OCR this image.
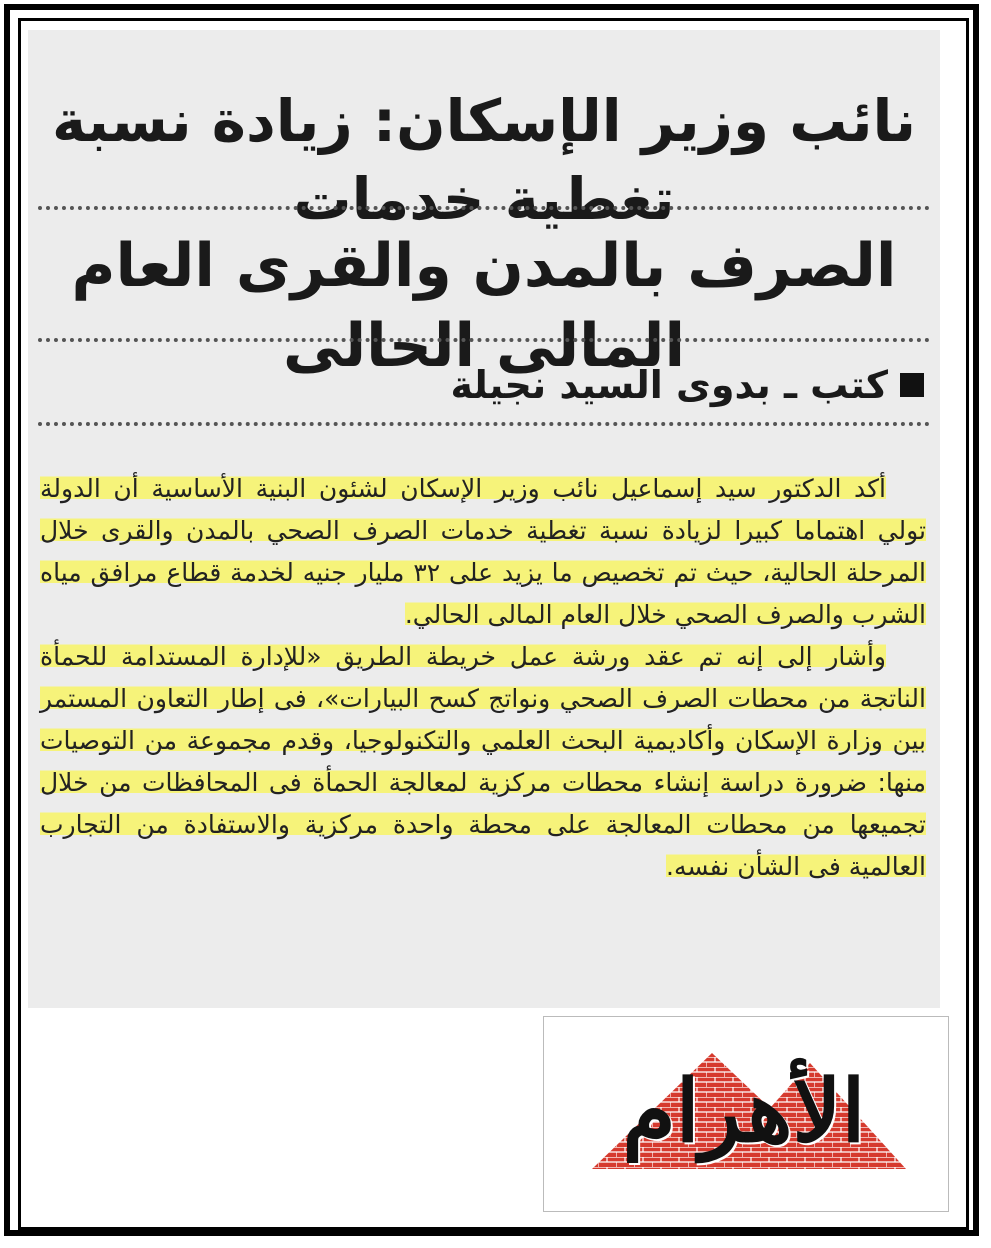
نائب وزير الإسكان: زيادة نسبة تغطية خدمات
الصرف بالمدن والقرى العام المالى الحالى
كتب ـ بدوى السيد نجيلة

أكد الدكتور سيد إسماعيل نائب وزير الإسكان لشئون البنية الأساسية أن الدولة تولي اهتماما كبيرا لزيادة نسبة تغطية خدمات الصرف الصحي بالمدن والقرى خلال المرحلة الحالية، حيث تم تخصيص ما يزيد على ٣٢ مليار جنيه لخدمة قطاع مرافق مياه الشرب والصرف الصحي خلال العام المالى الحالي.

وأشار إلى إنه تم عقد ورشة عمل خريطة الطريق «للإدارة المستدامة للحمأة الناتجة من محطات الصرف الصحي ونواتج كسح البيارات»، فى إطار التعاون المستمر بين وزارة الإسكان وأكاديمية البحث العلمي والتكنولوجيا، وقدم مجموعة من التوصيات منها: ضرورة دراسة إنشاء محطات مركزية لمعالجة الحمأة فى المحافظات من خلال تجميعها من محطات المعالجة على محطة واحدة مركزية والاستفادة من التجارب العالمية فى الشأن نفسه.

الأهرام
